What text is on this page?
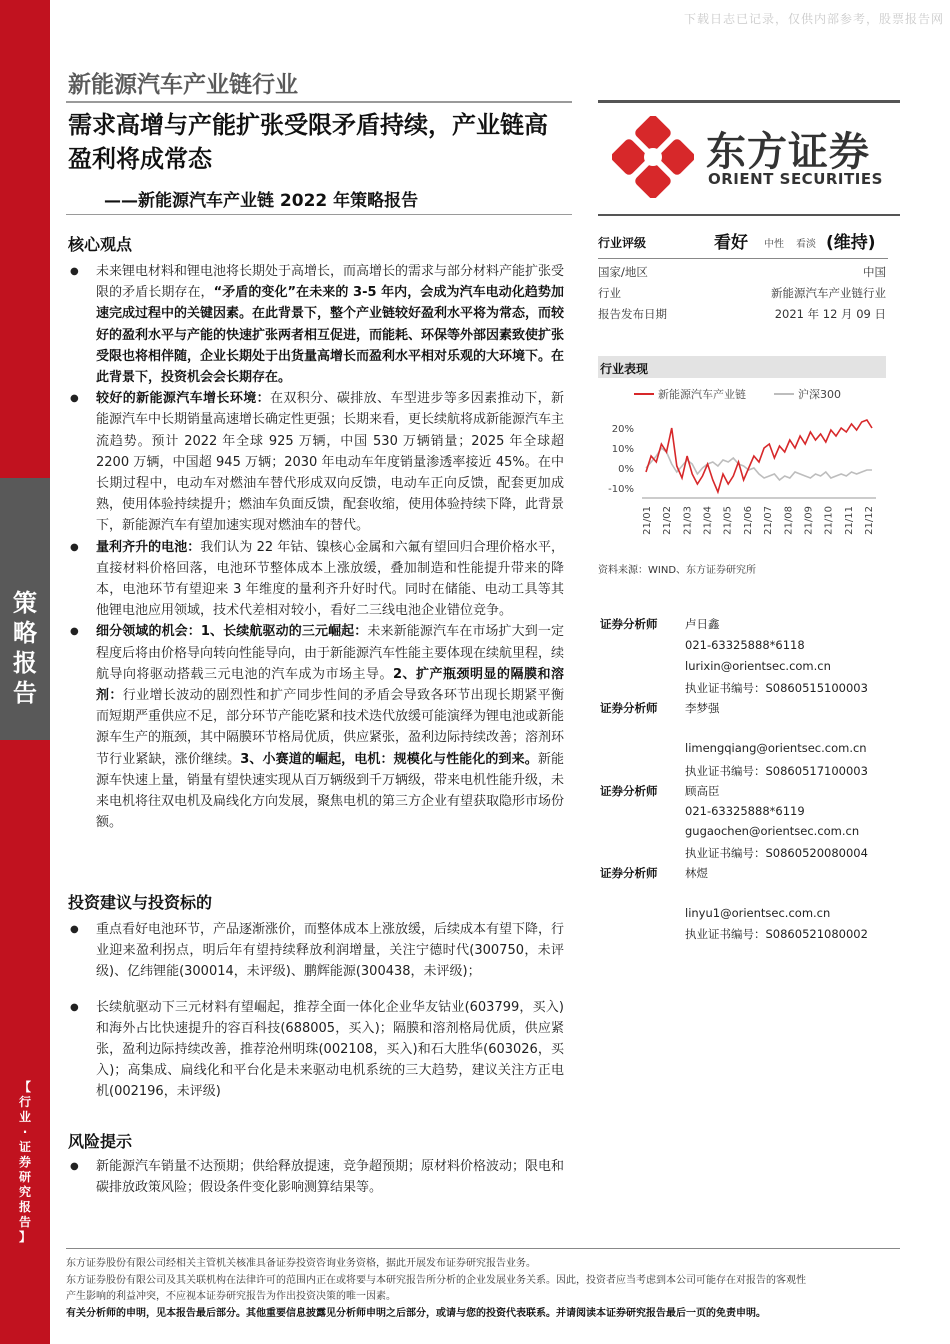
下载日志已记录，仅供内部参考，股票报告网
策
略
报
告
【
行
业
·
证
券
研
究
报
告
】
新能源汽车产业链行业
需求高增与产能扩张受限矛盾持续，产业链高盈利将成常态
——新能源汽车产业链 2022 年策略报告
核心观点
● 未来锂电材料和锂电池将长期处于高增长，而高增长的需求与部分材料产能扩张受限的矛盾长期存在，“矛盾的变化”在未来的 3-5 年内，会成为汽车电动化趋势加速完成过程中的关键因素。在此背景下，整个产业链较好盈利水平将为常态，而较好的盈利水平与产能的快速扩张两者相互促进，而能耗、环保等外部因素致使扩张受限也将相伴随，企业长期处于出货量高增长而盈利水平相对乐观的大环境下。在此背景下，投资机会会长期存在。
● 较好的新能源汽车增长环境：在双积分、碳排放、车型进步等多因素推动下，新能源汽车中长期销量高速增长确定性更强；长期来看，更长续航将成新能源汽车主流趋势。预计 2022 年全球 925 万辆，中国 530 万辆销量；2025 年全球超 2200 万辆，中国超 945 万辆；2030 年电动车年度销量渗透率接近 45%。在中长期过程中，电动车对燃油车替代形成双向反馈，电动车正向反馈，配套更加成熟，使用体验持续提升；燃油车负面反馈，配套收缩，使用体验持续下降，此背景下，新能源汽车有望加速实现对燃油车的替代。
● 量利齐升的电池：我们认为 22 年钴、镍核心金属和六氟有望回归合理价格水平，直接材料价格回落，电池环节整体成本上涨放缓，叠加制造和性能提升带来的降本，电池环节有望迎来 3 年维度的量利齐升好时代。同时在储能、电动工具等其他锂电池应用领域，技术代差相对较小，看好二三线电池企业错位竞争。
● 细分领域的机会：1、长续航驱动的三元崛起：未来新能源汽车在市场扩大到一定程度后将由价格导向转向性能导向，由于新能源汽车性能主要体现在续航里程，续航导向将驱动搭载三元电池的汽车成为市场主导。2、扩产瓶颈明显的隔膜和溶剂：行业增长波动的剧烈性和扩产同步性间的矛盾会导致各环节出现长期紧平衡而短期严重供应不足，部分环节产能吃紧和技术迭代放缓可能演绎为锂电池或新能源车生产的瓶颈，其中隔膜环节格局优质，供应紧张，盈利边际持续改善；溶剂环节行业紧缺，涨价继续。3、小赛道的崛起，电机：规模化与性能化的到来。新能源车快速上量，销量有望快速实现从百万辆级到千万辆级，带来电机性能升级，未来电机将往双电机及扁线化方向发展，聚焦电机的第三方企业有望获取隐形市场份额。
投资建议与投资标的
● 重点看好电池环节，产品逐渐涨价，而整体成本上涨放缓，后续成本有望下降，行业迎来盈利拐点，明后年有望持续释放利润增量，关注宁德时代(300750，未评级)、亿纬锂能(300014，未评级)、鹏辉能源(300438，未评级)；
● 长续航驱动下三元材料有望崛起，推荐全面一体化企业华友钴业(603799，买入)和海外占比快速提升的容百科技(688005，买入)；隔膜和溶剂格局优质，供应紧张，盈利边际持续改善，推荐沧州明珠(002108，买入)和石大胜华(603026，买入)；高集成、扁线化和平台化是未来驱动电机系统的三大趋势，建议关注方正电机(002196，未评级)
风险提示
● 新能源汽车销量不达预期；供给释放提速，竞争超预期；原材料价格波动；限电和碳排放政策风险；假设条件变化影响测算结果等。
东方证券
ORIENT SECURITIES
行业评级	看好 中性 看淡 (维持)
国家/地区	中国
行业	新能源汽车产业链行业
报告发布日期	2021 年 12 月 09 日
行业表现
新能源汽车产业链	沪深300
20%
10%
0%
-10%
21/01 21/02 21/03 21/04 21/05 21/06 21/07 21/08 21/09 21/10 21/11 21/12
资料来源：WIND、东方证券研究所
证券分析师 卢日鑫
021-63325888*6118
lurixin@orientsec.com.cn
执业证书编号：S0860515100003
证券分析师 李梦强
limengqiang@orientsec.com.cn
执业证书编号：S0860517100003
证券分析师 顾高臣
021-63325888*6119
gugaochen@orientsec.com.cn
执业证书编号：S0860520080004
证券分析师 林煜
linyu1@orientsec.com.cn
执业证书编号：S0860521080002
东方证券股份有限公司经相关主管机关核准具备证券投资咨询业务资格，据此开展发布证券研究报告业务。
东方证券股份有限公司及其关联机构在法律许可的范围内正在或将要与本研究报告所分析的企业发展业务关系。因此，投资者应当考虑到本公司可能存在对报告的客观性
产生影响的利益冲突，不应视本证券研究报告为作出投资决策的唯一因素。
有关分析师的申明，见本报告最后部分。其他重要信息披露见分析师申明之后部分，或请与您的投资代表联系。并请阅读本证券研究报告最后一页的免责申明。
